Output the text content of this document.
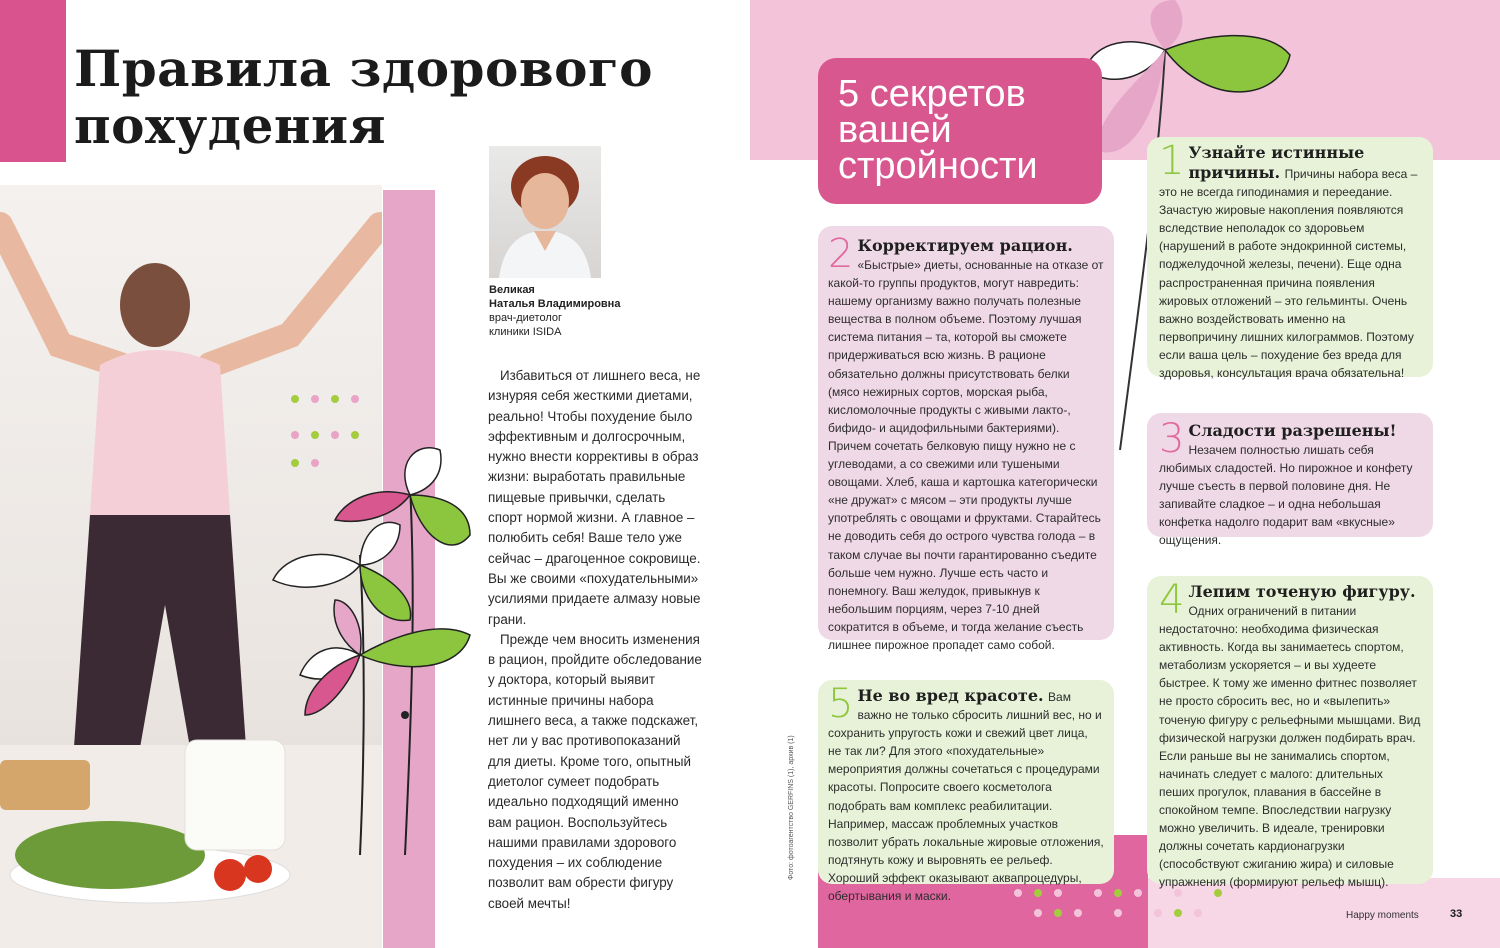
Правила здорового
похудения
Великая
Наталья Владимировна
врач-диетолог
клиники ISIDA

Избавиться от лишнего веса, не изнуряя себя жесткими диетами, реально! Чтобы похудение было эффективным и долгосрочным, нужно внести коррективы в образ жизни: выработать правильные пищевые привычки, сделать спорт нормой жизни. А главное – полюбить себя! Ваше тело уже сейчас – драгоценное сокровище. Вы же своими «похудательными» усилиями придаете алмазу новые грани.

Прежде чем вносить изменения в рацион, пройдите обследование у доктора, который выявит истинные причины набора лишнего веса, а также подскажет, нет ли у вас противопоказаний для диеты. Кроме того, опытный диетолог сумеет подобрать идеально подходящий именно вам рацион. Воспользуйтесь нашими правилами здорового похудения – их соблюдение позволит вам обрести фигуру своей мечты!

5 секретов
вашей
стройности	1 Узнайте истинные причины. Причины набора веса – это не всегда гиподинамия и переедание. Зачастую жировые накопления появляются вследствие неполадок со здоровьем (нарушений в работе эндокринной системы, поджелудочной железы, печени). Еще одна распространенная причина появления жировых отложений – это гельминты. Очень важно воздействовать именно на первопричину лишних килограммов. Поэтому если ваша цель – похудение без вреда для здоровья, консультация врача обязательна!
2 Корректируем рацион. «Быстрые» диеты, основанные на отказе от какой-то группы продуктов, могут навредить: нашему организму важно получать полезные вещества в полном объеме. Поэтому лучшая система питания – та, которой вы сможете придерживаться всю жизнь. В рационе обязательно должны присутствовать белки (мясо нежирных сортов, морская рыба, кисломолочные продукты с живыми лакто-, бифидо- и ацидофильными бактериями). Причем сочетать белковую пищу нужно не с углеводами, а со свежими или тушеными овощами. Хлеб, каша и картошка категорически «не дружат» с мясом – эти продукты лучше употреблять с овощами и фруктами. Старайтесь не доводить себя до острого чувства голода – в таком случае вы почти гарантированно съедите больше чем нужно. Лучше есть часто и понемногу. Ваш желудок, привыкнув к небольшим порциям, через 7-10 дней сократится в объеме, и тогда желание съесть лишнее пирожное пропадет само собой.
3 Сладости разрешены! Незачем полностью лишать себя любимых сладостей. Но пирожное и конфету лучше съесть в первой половине дня. Не запивайте сладкое – и одна небольшая конфетка надолго подарит вам «вкусные» ощущения.
4 Лепим точеную фигуру. Одних ограничений в питании недостаточно: необходима физическая активность. Когда вы занимаетесь спортом, метаболизм ускоряется – и вы худеете быстрее. К тому же именно фитнес позволяет не просто сбросить вес, но и «вылепить» точеную фигуру с рельефными мышцами. Вид физической нагрузки должен подбирать врач. Если раньше вы не занимались спортом, начинать следует с малого: длительных пеших прогулок, плавания в бассейне в спокойном темпе. Впоследствии нагрузку можно увеличить. В идеале, тренировки должны сочетать кардионагрузки (способствуют сжиганию жира) и силовые упражнения (формируют рельеф мышц).
5 Не во вред красоте. Вам важно не только сбросить лишний вес, но и сохранить упругость кожи и свежий цвет лица, не так ли? Для этого «похудательные» мероприятия должны сочетаться с процедурами красоты. Попросите своего косметолога подобрать вам комплекс реабилитации. Например, массаж проблемных участков позволит убрать локальные жировые отложения, подтянуть кожу и выровнять ее рельеф. Хороший эффект оказывают аквапроцедуры, обертывания и маски.
Фото: фотоагентство GERFINS (1), архив (1)
Happy moments	33
